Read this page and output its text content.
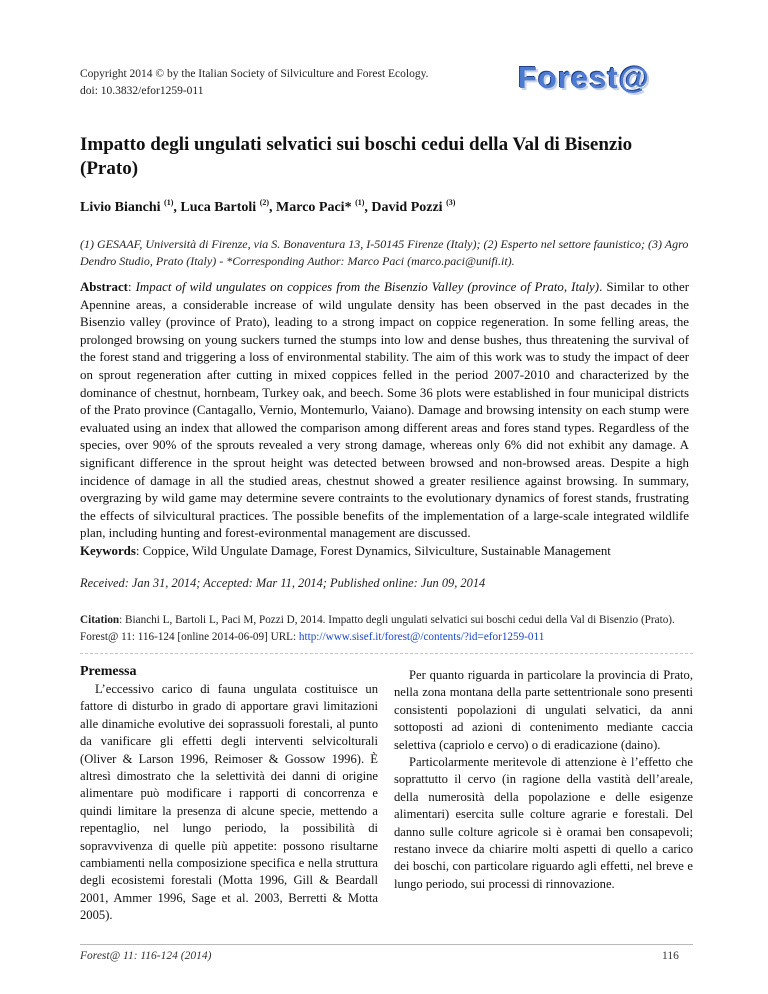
Copyright 2014 © by the Italian Society of Silviculture and Forest Ecology.
doi: 10.3832/efor1259-011	Forest@
Impatto degli ungulati selvatici sui boschi cedui della Val di Bisenzio (Prato)
Livio Bianchi $^{(1)}$, Luca Bartoli $^{(2)}$, Marco Paci* $^{(1)}$, David Pozzi $^{(3)}$
(1) GESAAF, Università di Firenze, via S. Bonaventura 13, I-50145 Firenze (Italy); (2) Esperto nel settore faunistico; (3) Agro Dendro Studio, Prato (Italy) - *Corresponding Author: Marco Paci (marco.paci@unifi.it).
Abstract: Impact of wild ungulates on coppices from the Bisenzio Valley (province of Prato, Italy). Similar to other Apennine areas, a considerable increase of wild ungulate density has been observed in the past decades in the Bisenzio valley (province of Prato), leading to a strong impact on coppice regeneration. In some felling areas, the prolonged browsing on young suckers turned the stumps into low and dense bushes, thus threatening the survival of the forest stand and triggering a loss of environmental stability. The aim of this work was to study the impact of deer on sprout regeneration after cutting in mixed coppices felled in the period 2007-2010 and characterized by the dominance of chestnut, hornbeam, Turkey oak, and beech. Some 36 plots were established in four municipal districts of the Prato province (Cantagallo, Vernio, Montemurlo, Vaiano). Damage and browsing intensity on each stump were evaluated using an index that allowed the comparison among different areas and fores stand types. Regardless of the species, over 90% of the sprouts revealed a very strong damage, whereas only 6% did not exhibit any damage. A significant difference in the sprout height was detected between browsed and non-browsed areas. Despite a high incidence of damage in all the studied areas, chestnut showed a greater resilience against browsing. In summary, overgrazing by wild game may determine severe contraints to the evolutionary dynamics of forest stands, frustrating the effects of silvicultural practices. The possible benefits of the implementation of a large-scale integrated wildlife plan, including hunting and forest-evironmental management are discussed.
Keywords: Coppice, Wild Ungulate Damage, Forest Dynamics, Silviculture, Sustainable Management
Received: Jan 31, 2014; Accepted: Mar 11, 2014; Published online: Jun 09, 2014
Citation: Bianchi L, Bartoli L, Paci M, Pozzi D, 2014. Impatto degli ungulati selvatici sui boschi cedui della Val di Bisenzio (Prato). Forest@ 11: 116-124 [online 2014-06-09] URL: http://www.sisef.it/forest@/contents/?id=efor1259-011
Premessa

L’eccessivo carico di fauna ungulata costituisce un fattore di disturbo in grado di apportare gravi limitazioni alle dinamiche evolutive dei soprassuoli forestali, al punto da vanificare gli effetti degli interventi selvicolturali (Oliver & Larson 1996, Reimoser & Gossow 1996). È altresì dimostrato che la selettività dei danni di origine alimentare può modificare i rapporti di concorrenza e quindi limitare la presenza di alcune specie, mettendo a repentaglio, nel lungo periodo, la possibilità di sopravvivenza di quelle più appetite: possono risultarne cambiamenti nella composizione specifica e nella struttura degli ecosistemi forestali (Motta 1996, Gill & Beardall 2001, Ammer 1996, Sage et al. 2003, Berretti & Motta 2005).

Per quanto riguarda in particolare la provincia di Prato, nella zona montana della parte settentrionale sono presenti consistenti popolazioni di ungulati selvatici, da anni sottoposti ad azioni di contenimento mediante caccia selettiva (capriolo e cervo) o di eradicazione (daino).

Particolarmente meritevole di attenzione è l’effetto che soprattutto il cervo (in ragione della vastità dell’areale, della numerosità della popolazione e delle esigenze alimentari) esercita sulle colture agrarie e forestali. Del danno sulle colture agricole si è oramai ben consapevoli; restano invece da chiarire molti aspetti di quello a carico dei boschi, con particolare riguardo agli effetti, nel breve e lungo periodo, sui processi di rinnovazione.

Forest@ 11: 116-124 (2014)	116
